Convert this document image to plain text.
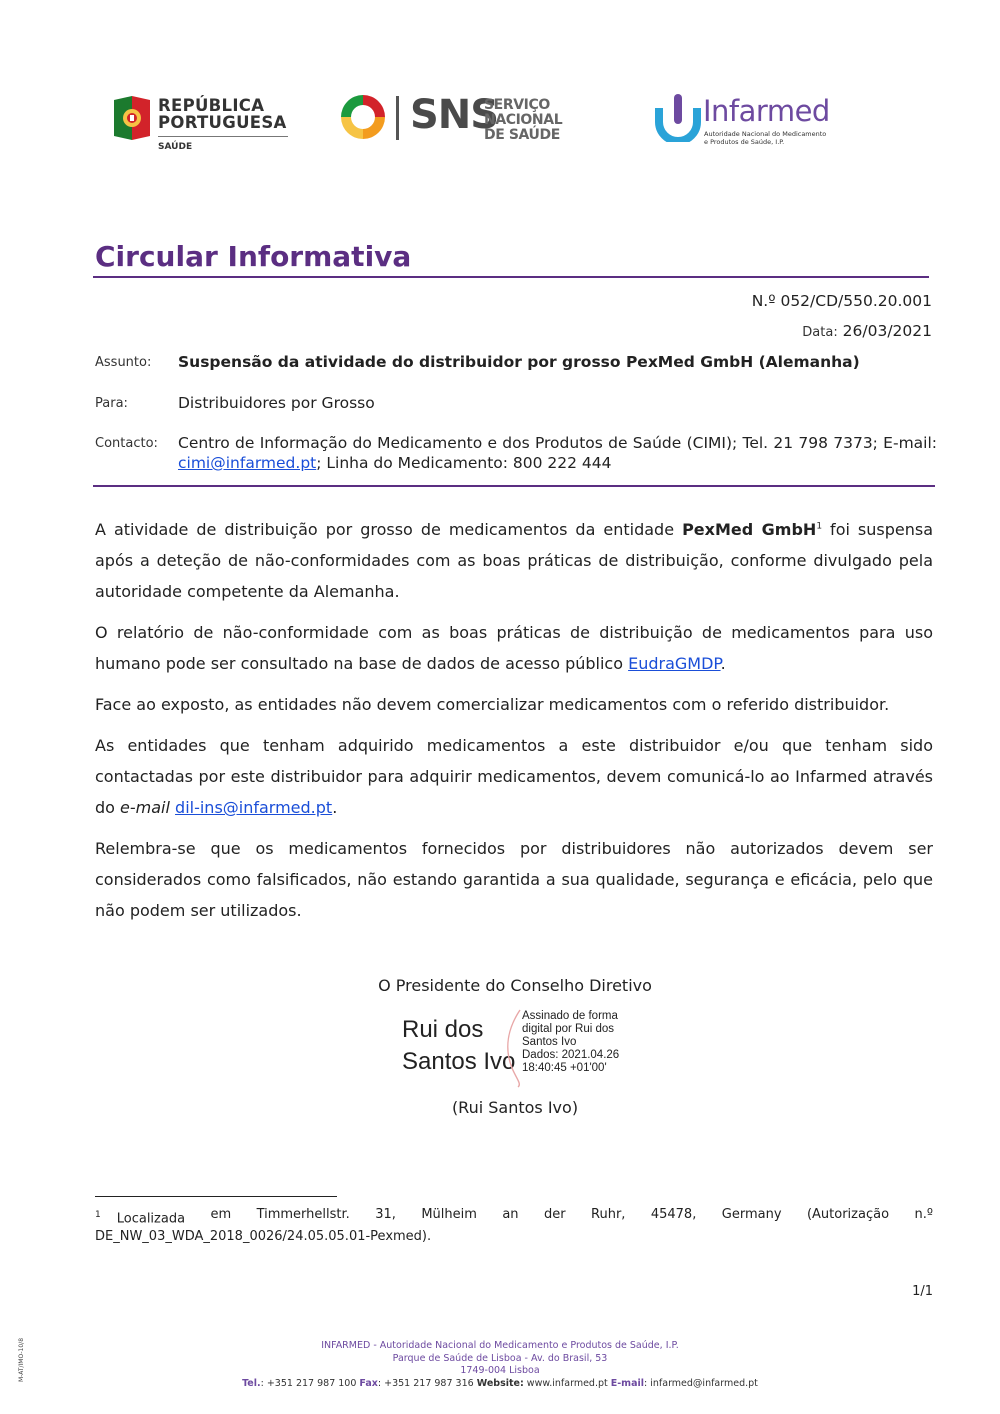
REPÚBLICA
PORTUGUESA
SAÚDE
SNS
SERVIÇO NACIONAL
DE SAÚDE
Infarmed
Autoridade Nacional do Medicamento
e Produtos de Saúde, I.P.
Circular Informativa
N.º 052/CD/550.20.001
Data: 26/03/2021
Assunto: Suspensão da atividade do distribuidor por grosso PexMed GmbH (Alemanha)
Para:	Distribuidores por Grosso
Contacto: Centro de Informação do Medicamento e dos Produtos de Saúde (CIMI); Tel. 21 798 7373; E-mail: cimi@infarmed.pt; Linha do Medicamento: 800 222 444

A atividade de distribuição por grosso de medicamentos da entidade PexMed GmbH$^1$ foi suspensa após a deteção de não-conformidades com as boas práticas de distribuição, conforme divulgado pela autoridade competente da Alemanha.

O relatório de não-conformidade com as boas práticas de distribuição de medicamentos para uso humano pode ser consultado na base de dados de acesso público EudraGMDP.

Face ao exposto, as entidades não devem comercializar medicamentos com o referido distribuidor.

As entidades que tenham adquirido medicamentos a este distribuidor e/ou que tenham sido contactadas por este distribuidor para adquirir medicamentos, devem comunicá-lo ao Infarmed através do e-mail dil-ins@infarmed.pt.

Relembra-se que os medicamentos fornecidos por distribuidores não autorizados devem ser considerados como falsificados, não estando garantida a sua qualidade, segurança e eficácia, pelo que não podem ser utilizados.

O Presidente do Conselho Diretivo
Rui dos
Santos Ivo
Assinado de forma
digital por Rui dos
Santos Ivo
Dados: 2021.04.26
18:40:45 +01'00'
(Rui Santos Ivo)
$^1$ Localizada em Timmerhellstr. 31, Mülheim an der Ruhr, 45478, Germany (Autorização n.º
DE_NW_03_WDA_2018_0026/24.05.05.01-Pexmed).
1/1
M-AT/IMO-10/8	INFARMED - Autoridade Nacional do Medicamento e Produtos de Saúde, I.P.
Parque de Saúde de Lisboa - Av. do Brasil, 53
1749-004 Lisboa
Tel.: +351 217 987 100 Fax: +351 217 987 316 Website: www.infarmed.pt E-mail: infarmed@infarmed.pt
